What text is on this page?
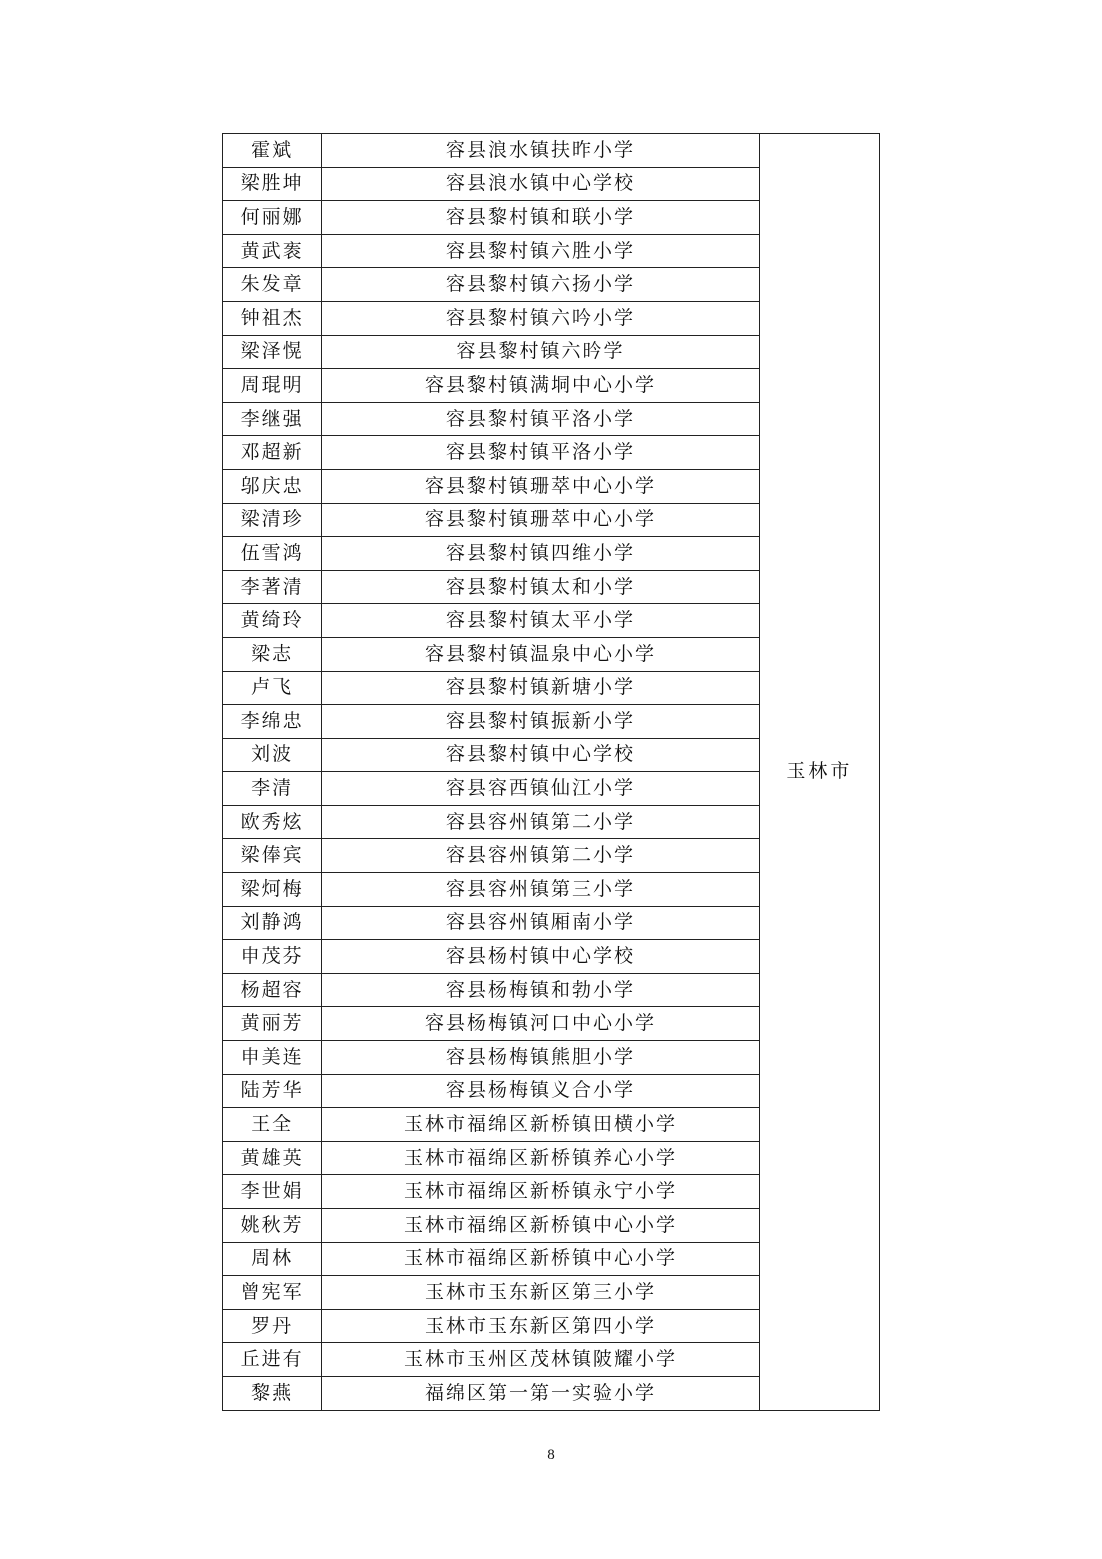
霍斌	容县浪水镇扶昨小学	玉林市
梁胜坤	容县浪水镇中心学校	
何丽娜	容县黎村镇和联小学	
黄武袠	容县黎村镇六胜小学	
朱发章	容县黎村镇六扬小学	
钟祖杰	容县黎村镇六吟小学	
梁泽愰	容县黎村镇六昑学	
周琨明	容县黎村镇满垌中心小学	
李继强	容县黎村镇平洛小学	
邓超新	容县黎村镇平洛小学	
邬庆忠	容县黎村镇珊萃中心小学	
梁清珍	容县黎村镇珊萃中心小学	
伍雪鸿	容县黎村镇四维小学	
李著清	容县黎村镇太和小学	
黄绮玲	容县黎村镇太平小学	
梁志	容县黎村镇温泉中心小学	
卢飞	容县黎村镇新塘小学	
李绵忠	容县黎村镇振新小学	
刘波	容县黎村镇中心学校	
李清	容县容西镇仙江小学	
欧秀炫	容县容州镇第二小学	
梁俸宾	容县容州镇第二小学	
梁炣梅	容县容州镇第三小学	
刘静鸿	容县容州镇厢南小学	
申茂芬	容县杨村镇中心学校	
杨超容	容县杨梅镇和勃小学	
黄丽芳	容县杨梅镇河口中心小学	
申美连	容县杨梅镇熊胆小学	
陆芳华	容县杨梅镇义合小学	
王全	玉林市福绵区新桥镇田横小学	
黄雄英	玉林市福绵区新桥镇养心小学	
李世娟	玉林市福绵区新桥镇永宁小学	
姚秋芳	玉林市福绵区新桥镇中心小学	
周林	玉林市福绵区新桥镇中心小学	
曾宪军	玉林市玉东新区第三小学	
罗丹	玉林市玉东新区第四小学	
丘进有	玉林市玉州区茂林镇陂耀小学	
黎燕	福绵区第一第一实验小学	
8
